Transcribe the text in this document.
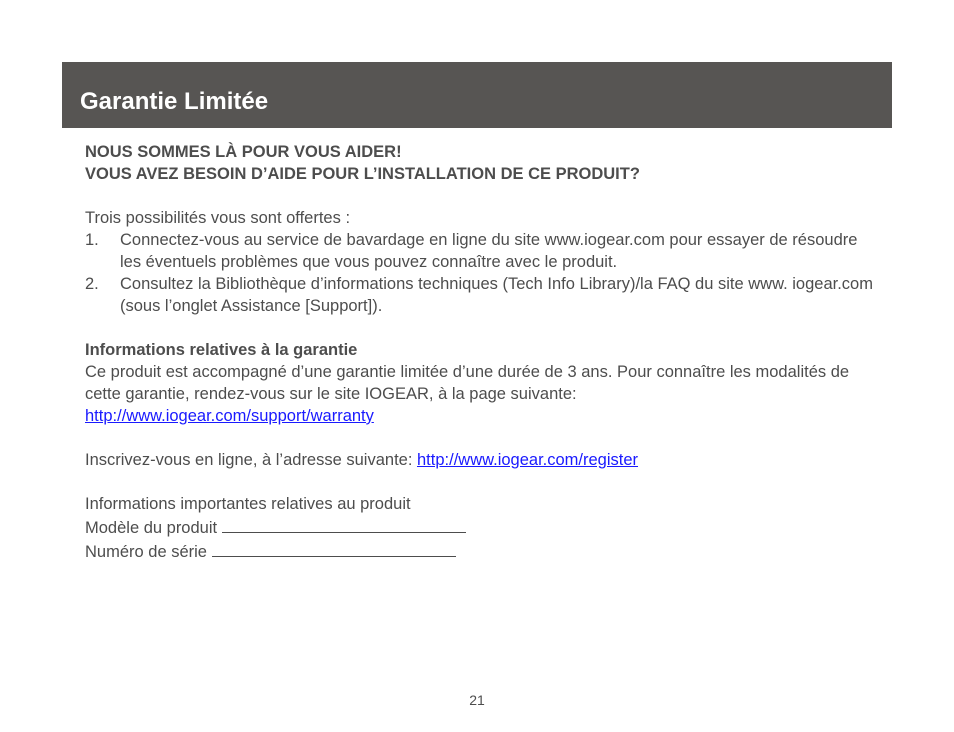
Garantie Limitée

NOUS SOMMES LÀ POUR VOUS AIDER!

VOUS AVEZ BESOIN D’AIDE POUR L’INSTALLATION DE CE PRODUIT?

Trois possibilités vous sont offertes :

1. Connectez-vous au service de bavardage en ligne du site www.iogear.com pour essayer de résoudre les éventuels problèmes que vous pouvez connaître avec le produit.
2. Consultez la Bibliothèque d’informations techniques (Tech Info Library)/la FAQ du site www. iogear.com (sous l’onglet Assistance [Support]).

Informations relatives à la garantie

Ce produit est accompagné d’une garantie limitée d’une durée de 3 ans. Pour connaître les modalités de cette garantie, rendez-vous sur le site IOGEAR, à la page suivante:

http://www.iogear.com/support/warranty

Inscrivez-vous en ligne, à l’adresse suivante: http://www.iogear.com/register

Informations importantes relatives au produit

Modèle du produit

Numéro de série

21
